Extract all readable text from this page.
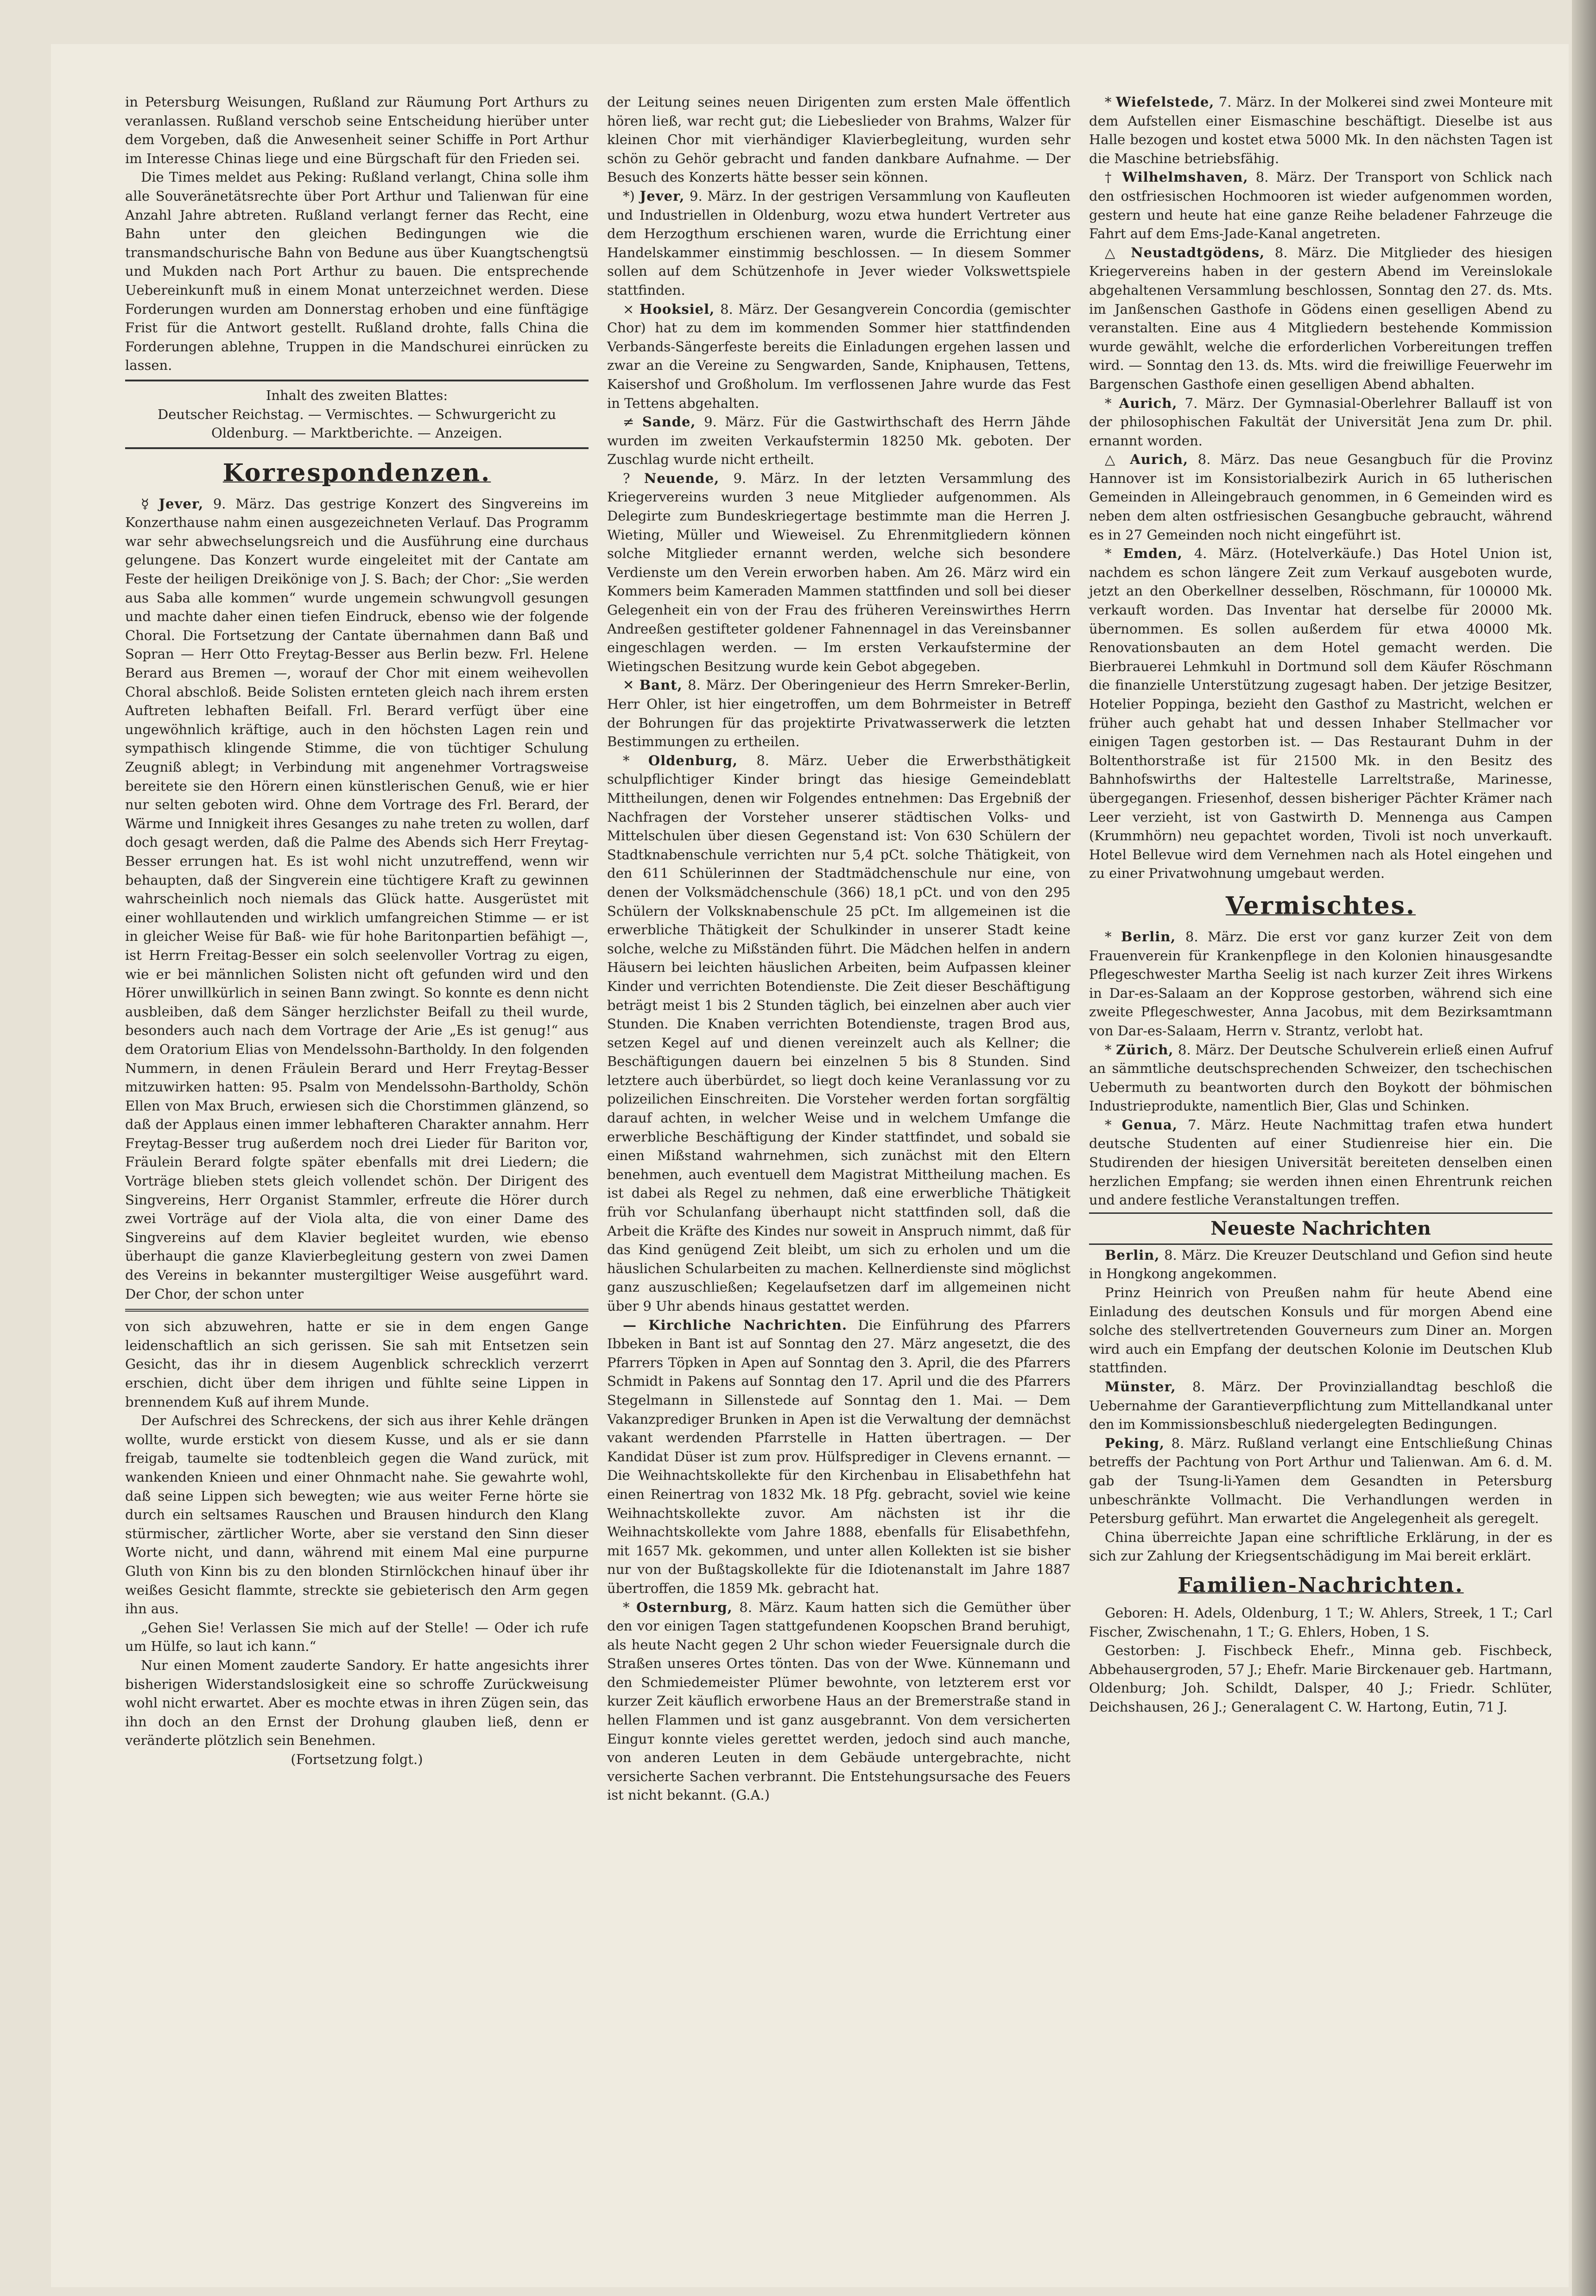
in Petersburg Weisungen, Rußland zur Räumung Port Arthurs zu veranlassen. Rußland verschob seine Entscheidung hierüber unter dem Vorgeben, daß die Anwesenheit seiner Schiffe in Port Arthur im Interesse Chinas liege und eine Bürgschaft für den Frieden sei.

Die Times meldet aus Peking: Rußland verlangt, China solle ihm alle Souveränetätsrechte über Port Arthur und Talienwan für eine Anzahl Jahre abtreten. Rußland verlangt ferner das Recht, eine Bahn unter den gleichen Bedingungen wie die transmandschurische Bahn von Bedune aus über Kuangtschengtsü und Mukden nach Port Arthur zu bauen. Die entsprechende Uebereinkunft muß in einem Monat unterzeichnet werden. Diese Forderungen wurden am Donnerstag erhoben und eine fünftägige Frist für die Antwort gestellt. Rußland drohte, falls China die Forderungen ablehne, Truppen in die Mandschurei einrücken zu lassen.

Inhalt des zweiten Blattes:

Deutscher Reichstag. — Vermischtes. — Schwurgericht zu Oldenburg. — Marktberichte. — Anzeigen.

Korrespondenzen.

☿ Jever, 9. März. Das gestrige Konzert des Singvereins im Konzerthause nahm einen ausgezeichneten Verlauf. Das Programm war sehr abwechselungsreich und die Ausführung eine durchaus gelungene. Das Konzert wurde eingeleitet mit der Cantate am Feste der heiligen Dreikönige von J. S. Bach; der Chor: „Sie werden aus Saba alle kommen“ wurde ungemein schwungvoll gesungen und machte daher einen tiefen Eindruck, ebenso wie der folgende Choral. Die Fortsetzung der Cantate übernahmen dann Baß und Sopran — Herr Otto Freytag-Besser aus Berlin bezw. Frl. Helene Berard aus Bremen —, worauf der Chor mit einem weihevollen Choral abschloß. Beide Solisten ernteten gleich nach ihrem ersten Auftreten lebhaften Beifall. Frl. Berard verfügt über eine ungewöhnlich kräftige, auch in den höchsten Lagen rein und sympathisch klingende Stimme, die von tüchtiger Schulung Zeugniß ablegt; in Verbindung mit angenehmer Vortragsweise bereitete sie den Hörern einen künstlerischen Genuß, wie er hier nur selten geboten wird. Ohne dem Vortrage des Frl. Berard, der Wärme und Innigkeit ihres Gesanges zu nahe treten zu wollen, darf doch gesagt werden, daß die Palme des Abends sich Herr Freytag-Besser errungen hat. Es ist wohl nicht unzutreffend, wenn wir behaupten, daß der Singverein eine tüchtigere Kraft zu gewinnen wahrscheinlich noch niemals das Glück hatte. Ausgerüstet mit einer wohllautenden und wirklich umfangreichen Stimme — er ist in gleicher Weise für Baß- wie für hohe Baritonpartien befähigt —, ist Herrn Freitag-Besser ein solch seelenvoller Vortrag zu eigen, wie er bei männlichen Solisten nicht oft gefunden wird und den Hörer unwillkürlich in seinen Bann zwingt. So konnte es denn nicht ausbleiben, daß dem Sänger herzlichster Beifall zu theil wurde, besonders auch nach dem Vortrage der Arie „Es ist genug!“ aus dem Oratorium Elias von Mendelssohn-Bartholdy. In den folgenden Nummern, in denen Fräulein Berard und Herr Freytag-Besser mitzuwirken hatten: 95. Psalm von Mendelssohn-Bartholdy, Schön Ellen von Max Bruch, erwiesen sich die Chorstimmen glänzend, so daß der Applaus einen immer lebhafteren Charakter annahm. Herr Freytag-Besser trug außerdem noch drei Lieder für Bariton vor, Fräulein Berard folgte später ebenfalls mit drei Liedern; die Vorträge blieben stets gleich vollendet schön. Der Dirigent des Singvereins, Herr Organist Stammler, erfreute die Hörer durch zwei Vorträge auf der Viola alta, die von einer Dame des Singvereins auf dem Klavier begleitet wurden, wie ebenso überhaupt die ganze Klavierbegleitung gestern von zwei Damen des Vereins in bekannter mustergiltiger Weise ausgeführt ward. Der Chor, der schon unter

von sich abzuwehren, hatte er sie in dem engen Gange leidenschaftlich an sich gerissen. Sie sah mit Entsetzen sein Gesicht, das ihr in diesem Augenblick schrecklich verzerrt erschien, dicht über dem ihrigen und fühlte seine Lippen in brennendem Kuß auf ihrem Munde.

Der Aufschrei des Schreckens, der sich aus ihrer Kehle drängen wollte, wurde erstickt von diesem Kusse, und als er sie dann freigab, taumelte sie todtenbleich gegen die Wand zurück, mit wankenden Knieen und einer Ohnmacht nahe. Sie gewahrte wohl, daß seine Lippen sich bewegten; wie aus weiter Ferne hörte sie durch ein seltsames Rauschen und Brausen hindurch den Klang stürmischer, zärtlicher Worte, aber sie verstand den Sinn dieser Worte nicht, und dann, während mit einem Mal eine purpurne Gluth von Kinn bis zu den blonden Stirnlöckchen hinauf über ihr weißes Gesicht flammte, streckte sie gebieterisch den Arm gegen ihn aus.

„Gehen Sie! Verlassen Sie mich auf der Stelle! — Oder ich rufe um Hülfe, so laut ich kann.“

Nur einen Moment zauderte Sandory. Er hatte angesichts ihrer bisherigen Widerstandslosigkeit eine so schroffe Zurückweisung wohl nicht erwartet. Aber es mochte etwas in ihren Zügen sein, das ihn doch an den Ernst der Drohung glauben ließ, denn er veränderte plötzlich sein Benehmen.

(Fortsetzung folgt.)

der Leitung seines neuen Dirigenten zum ersten Male öffentlich hören ließ, war recht gut; die Liebeslieder von Brahms, Walzer für kleinen Chor mit vierhändiger Klavierbegleitung, wurden sehr schön zu Gehör gebracht und fanden dankbare Aufnahme. — Der Besuch des Konzerts hätte besser sein können.

*) Jever, 9. März. In der gestrigen Versammlung von Kaufleuten und Industriellen in Oldenburg, wozu etwa hundert Vertreter aus dem Herzogthum erschienen waren, wurde die Errichtung einer Handelskammer einstimmig beschlossen. — In diesem Sommer sollen auf dem Schützenhofe in Jever wieder Volkswettspiele stattfinden.

× Hooksiel, 8. März. Der Gesangverein Concordia (gemischter Chor) hat zu dem im kommenden Sommer hier stattfindenden Verbands-Sängerfeste bereits die Einladungen ergehen lassen und zwar an die Vereine zu Sengwarden, Sande, Kniphausen, Tettens, Kaisershof und Großholum. Im verflossenen Jahre wurde das Fest in Tettens abgehalten.

≠ Sande, 9. März. Für die Gastwirthschaft des Herrn Jähde wurden im zweiten Verkaufstermin 18250 Mk. geboten. Der Zuschlag wurde nicht ertheilt.

? Neuende, 9. März. In der letzten Versammlung des Kriegervereins wurden 3 neue Mitglieder aufgenommen. Als Delegirte zum Bundeskriegertage bestimmte man die Herren J. Wieting, Müller und Wieweisel. Zu Ehrenmitgliedern können solche Mitglieder ernannt werden, welche sich besondere Verdienste um den Verein erworben haben. Am 26. März wird ein Kommers beim Kameraden Mammen stattfinden und soll bei dieser Gelegenheit ein von der Frau des früheren Vereinswirthes Herrn Andreeßen gestifteter goldener Fahnennagel in das Vereinsbanner eingeschlagen werden. — Im ersten Verkaufstermine der Wietingschen Besitzung wurde kein Gebot abgegeben.

✕ Bant, 8. März. Der Oberingenieur des Herrn Smreker-Berlin, Herr Ohler, ist hier eingetroffen, um dem Bohrmeister in Betreff der Bohrungen für das projektirte Privatwasserwerk die letzten Bestimmungen zu ertheilen.

* Oldenburg, 8. März. Ueber die Erwerbsthätigkeit schulpflichtiger Kinder bringt das hiesige Gemeindeblatt Mittheilungen, denen wir Folgendes entnehmen: Das Ergebniß der Nachfragen der Vorsteher unserer städtischen Volks- und Mittelschulen über diesen Gegenstand ist: Von 630 Schülern der Stadtknabenschule verrichten nur 5,4 pCt. solche Thätigkeit, von den 611 Schülerinnen der Stadtmädchenschule nur eine, von denen der Volksmädchenschule (366) 18,1 pCt. und von den 295 Schülern der Volksknabenschule 25 pCt. Im allgemeinen ist die erwerbliche Thätigkeit der Schulkinder in unserer Stadt keine solche, welche zu Mißständen führt. Die Mädchen helfen in andern Häusern bei leichten häuslichen Arbeiten, beim Aufpassen kleiner Kinder und verrichten Botendienste. Die Zeit dieser Beschäftigung beträgt meist 1 bis 2 Stunden täglich, bei einzelnen aber auch vier Stunden. Die Knaben verrichten Botendienste, tragen Brod aus, setzen Kegel auf und dienen vereinzelt auch als Kellner; die Beschäftigungen dauern bei einzelnen 5 bis 8 Stunden. Sind letztere auch überbürdet, so liegt doch keine Veranlassung vor zu polizeilichen Einschreiten. Die Vorsteher werden fortan sorgfältig darauf achten, in welcher Weise und in welchem Umfange die erwerbliche Beschäftigung der Kinder stattfindet, und sobald sie einen Mißstand wahrnehmen, sich zunächst mit den Eltern benehmen, auch eventuell dem Magistrat Mittheilung machen. Es ist dabei als Regel zu nehmen, daß eine erwerbliche Thätigkeit früh vor Schulanfang überhaupt nicht stattfinden soll, daß die Arbeit die Kräfte des Kindes nur soweit in Anspruch nimmt, daß für das Kind genügend Zeit bleibt, um sich zu erholen und um die häuslichen Schularbeiten zu machen. Kellnerdienste sind möglichst ganz auszuschließen; Kegelaufsetzen darf im allgemeinen nicht über 9 Uhr abends hinaus gestattet werden.

— Kirchliche Nachrichten. Die Einführung des Pfarrers Ibbeken in Bant ist auf Sonntag den 27. März angesetzt, die des Pfarrers Töpken in Apen auf Sonntag den 3. April, die des Pfarrers Schmidt in Pakens auf Sonntag den 17. April und die des Pfarrers Stegelmann in Sillenstede auf Sonntag den 1. Mai. — Dem Vakanzprediger Brunken in Apen ist die Verwaltung der demnächst vakant werdenden Pfarrstelle in Hatten übertragen. — Der Kandidat Düser ist zum prov. Hülfsprediger in Clevens ernannt. — Die Weihnachtskollekte für den Kirchenbau in Elisabethfehn hat einen Reinertrag von 1832 Mk. 18 Pfg. gebracht, soviel wie keine Weihnachtskollekte zuvor. Am nächsten ist ihr die Weihnachtskollekte vom Jahre 1888, ebenfalls für Elisabethfehn, mit 1657 Mk. gekommen, und unter allen Kollekten ist sie bisher nur von der Bußtagskollekte für die Idiotenanstalt im Jahre 1887 übertroffen, die 1859 Mk. gebracht hat.

* Osternburg, 8. März. Kaum hatten sich die Gemüther über den vor einigen Tagen stattgefundenen Koopschen Brand beruhigt, als heute Nacht gegen 2 Uhr schon wieder Feuersignale durch die Straßen unseres Ortes tönten. Das von der Wwe. Künnemann und den Schmiedemeister Plümer bewohnte, von letzterem erst vor kurzer Zeit käuflich erworbene Haus an der Bremerstraße stand in hellen Flammen und ist ganz ausgebrannt. Von dem versicherten Einguт konnte vieles gerettet werden, jedoch sind auch manche, von anderen Leuten in dem Gebäude untergebrachte, nicht versicherte Sachen verbrannt. Die Entstehungsursache des Feuers ist nicht bekannt. (G.A.)

* Wiefelstede, 7. März. In der Molkerei sind zwei Monteure mit dem Aufstellen einer Eismaschine beschäftigt. Dieselbe ist aus Halle bezogen und kostet etwa 5000 Mk. In den nächsten Tagen ist die Maschine betriebsfähig.

† Wilhelmshaven, 8. März. Der Transport von Schlick nach den ostfriesischen Hochmooren ist wieder aufgenommen worden, gestern und heute hat eine ganze Reihe beladener Fahrzeuge die Fahrt auf dem Ems-Jade-Kanal angetreten.

△ Neustadtgödens, 8. März. Die Mitglieder des hiesigen Kriegervereins haben in der gestern Abend im Vereinslokale abgehaltenen Versammlung beschlossen, Sonntag den 27. ds. Mts. im Janßenschen Gasthofe in Gödens einen geselligen Abend zu veranstalten. Eine aus 4 Mitgliedern bestehende Kommission wurde gewählt, welche die erforderlichen Vorbereitungen treffen wird. — Sonntag den 13. ds. Mts. wird die freiwillige Feuerwehr im Bargenschen Gasthofe einen geselligen Abend abhalten.

* Aurich, 7. März. Der Gymnasial-Oberlehrer Ballauff ist von der philosophischen Fakultät der Universität Jena zum Dr. phil. ernannt worden.

△ Aurich, 8. März. Das neue Gesangbuch für die Provinz Hannover ist im Konsistorialbezirk Aurich in 65 lutherischen Gemeinden in Alleingebrauch genommen, in 6 Gemeinden wird es neben dem alten ostfriesischen Gesangbuche gebraucht, während es in 27 Gemeinden noch nicht eingeführt ist.

* Emden, 4. März. (Hotelverkäufe.) Das Hotel Union ist, nachdem es schon längere Zeit zum Verkauf ausgeboten wurde, jetzt an den Oberkellner desselben, Röschmann, für 100000 Mk. verkauft worden. Das Inventar hat derselbe für 20000 Mk. übernommen. Es sollen außerdem für etwa 40000 Mk. Renovationsbauten an dem Hotel gemacht werden. Die Bierbrauerei Lehmkuhl in Dortmund soll dem Käufer Röschmann die finanzielle Unterstützung zugesagt haben. Der jetzige Besitzer, Hotelier Poppinga, bezieht den Gasthof zu Mastricht, welchen er früher auch gehabt hat und dessen Inhaber Stellmacher vor einigen Tagen gestorben ist. — Das Restaurant Duhm in der Boltenthorstraße ist für 21500 Mk. in den Besitz des Bahnhofswirths der Haltestelle Larreltstraße, Marinesse, übergegangen. Friesenhof, dessen bisheriger Pächter Krämer nach Leer verzieht, ist von Gastwirth D. Mennenga aus Campen (Krummhörn) neu gepachtet worden, Tivoli ist noch unverkauft. Hotel Bellevue wird dem Vernehmen nach als Hotel eingehen und zu einer Privatwohnung umgebaut werden.

Vermischtes.

* Berlin, 8. März. Die erst vor ganz kurzer Zeit von dem Frauenverein für Krankenpflege in den Kolonien hinausgesandte Pflegeschwester Martha Seelig ist nach kurzer Zeit ihres Wirkens in Dar-es-Salaam an der Kopprose gestorben, während sich eine zweite Pflegeschwester, Anna Jacobus, mit dem Bezirksamtmann von Dar-es-Salaam, Herrn v. Strantz, verlobt hat.

* Zürich, 8. März. Der Deutsche Schulverein erließ einen Aufruf an sämmtliche deutschsprechenden Schweizer, den tschechischen Uebermuth zu beantworten durch den Boykott der böhmischen Industrieprodukte, namentlich Bier, Glas und Schinken.

* Genua, 7. März. Heute Nachmittag trafen etwa hundert deutsche Studenten auf einer Studienreise hier ein. Die Studirenden der hiesigen Universität bereiteten denselben einen herzlichen Empfang; sie werden ihnen einen Ehrentrunk reichen und andere festliche Veranstaltungen treffen.

Neueste Nachrichten

Berlin, 8. März. Die Kreuzer Deutschland und Gefion sind heute in Hongkong angekommen.

Prinz Heinrich von Preußen nahm für heute Abend eine Einladung des deutschen Konsuls und für morgen Abend eine solche des stellvertretenden Gouverneurs zum Diner an. Morgen wird auch ein Empfang der deutschen Kolonie im Deutschen Klub stattfinden.

Münster, 8. März. Der Provinziallandtag beschloß die Uebernahme der Garantieverpflichtung zum Mittellandkanal unter den im Kommissionsbeschluß niedergelegten Bedingungen.

Peking, 8. März. Rußland verlangt eine Entschließung Chinas betreffs der Pachtung von Port Arthur und Talienwan. Am 6. d. M. gab der Tsung-li-Yamen dem Gesandten in Petersburg unbeschränkte Vollmacht. Die Verhandlungen werden in Petersburg geführt. Man erwartet die Angelegenheit als geregelt.

China überreichte Japan eine schriftliche Erklärung, in der es sich zur Zahlung der Kriegsentschädigung im Mai bereit erklärt.

Familien-Nachrichten.

Geboren: H. Adels, Oldenburg, 1 T.; W. Ahlers, Streek, 1 T.; Carl Fischer, Zwischenahn, 1 T.; G. Ehlers, Hoben, 1 S.

Gestorben: J. Fischbeck Ehefr., Minna geb. Fischbeck, Abbehausergroden, 57 J.; Ehefr. Marie Birckenauer geb. Hartmann, Oldenburg; Joh. Schildt, Dalsper, 40 J.; Friedr. Schlüter, Deichshausen, 26 J.; Generalagent C. W. Hartong, Eutin, 71 J.
